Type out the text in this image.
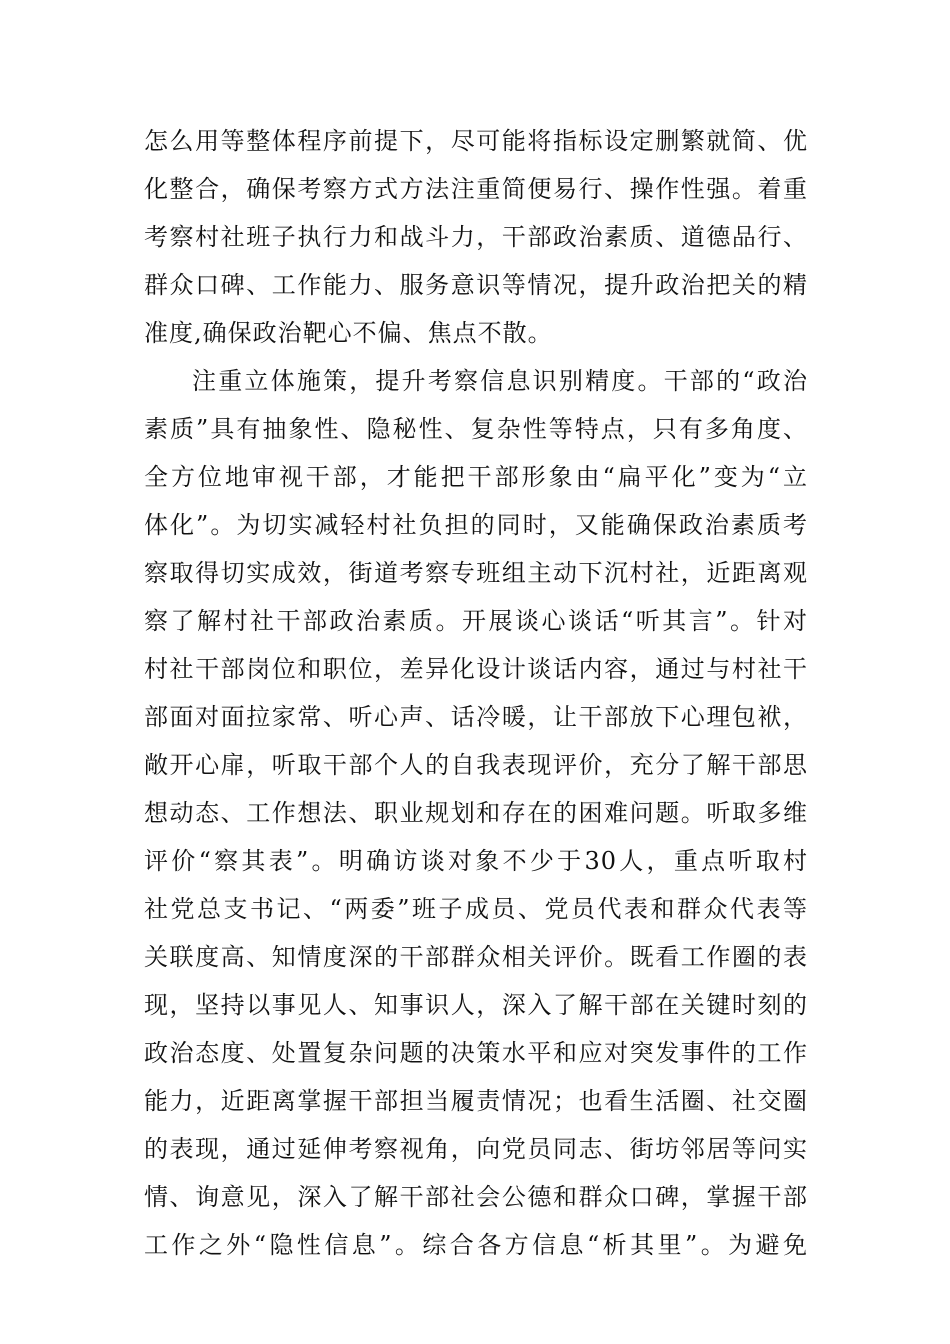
怎么用等整体程序前提下，尽可能将指标设定删繁就简、优
化整合，确保考察方式方法注重简便易行、操作性强。着重
考察村社班子执行力和战斗力，干部政治素质、道德品行、
群众口碑、工作能力、服务意识等情况，提升政治把关的精
准度,确保政治靶心不偏、焦点不散。
注重立体施策，提升考察信息识别精度。干部的“政治
素质”具有抽象性、隐秘性、复杂性等特点，只有多角度、
全方位地审视干部，才能把干部形象由“扁平化”变为“立
体化”。为切实减轻村社负担的同时，又能确保政治素质考
察取得切实成效，街道考察专班组主动下沉村社，近距离观
察了解村社干部政治素质。开展谈心谈话“听其言”。针对
村社干部岗位和职位，差异化设计谈话内容，通过与村社干
部面对面拉家常、听心声、话冷暖，让干部放下心理包袱，
敞开心扉，听取干部个人的自我表现评价，充分了解干部思
想动态、工作想法、职业规划和存在的困难问题。听取多维
评价“察其表”。明确访谈对象不少于30人，重点听取村
社党总支书记、“两委”班子成员、党员代表和群众代表等
关联度高、知情度深的干部群众相关评价。既看工作圈的表
现，坚持以事见人、知事识人，深入了解干部在关键时刻的
政治态度、处置复杂问题的决策水平和应对突发事件的工作
能力，近距离掌握干部担当履责情况；也看生活圈、社交圈
的表现，通过延伸考察视角，向党员同志、街坊邻居等问实
情、询意见，深入了解干部社会公德和群众口碑，掌握干部
工作之外“隐性信息”。综合各方信息“析其里”。为避免
